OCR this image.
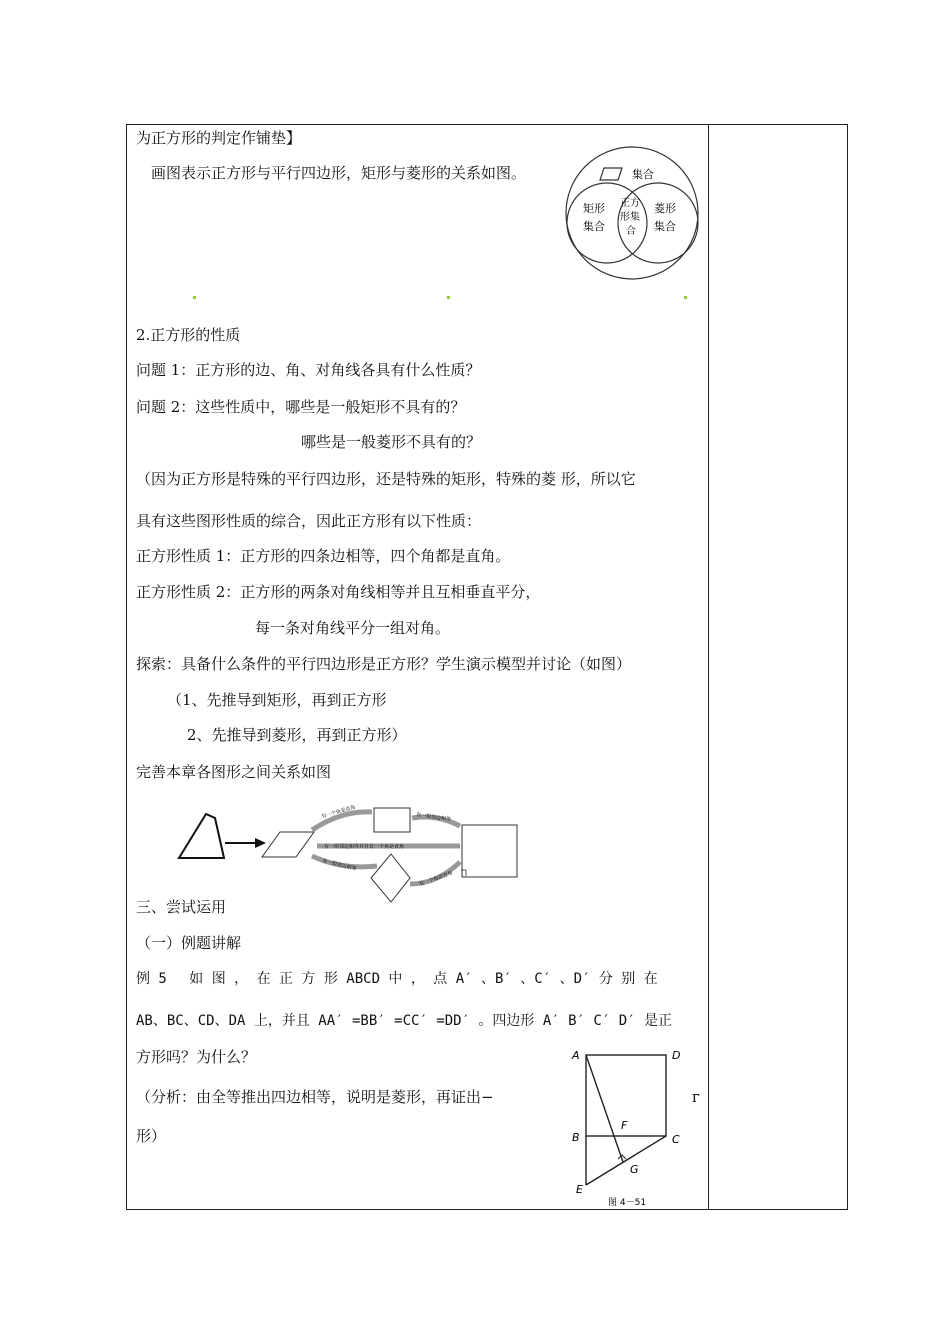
为正方形的判定作铺垫】
画图表示正方形与平行四边形，矩形与菱形的关系如图。	集合
矩形
集合
正方
形集
合
菱形
集合
2.正方形的性质
问题 1：正方形的边、角、对角线各具有什么性质？
问题 2：这些性质中，哪些是一般矩形不具有的？
哪些是一般菱形不具有的？
（因为正方形是特殊的平行四边形，还是特殊的矩形，特殊的菱 形，所以它
具有这些图形性质的综合，因此正方形有以下性质：
正方形性质 1：正方形的四条边相等，四个角都是直角。
正方形性质 2：正方形的两条对角线相等并且互相垂直平分，
每一条对角线平分一组对角。
探索：具备什么条件的平行四边形是正方形？学生演示模型并讨论（如图）
（1、先推导到矩形，再到正方形
2、先推导到菱形，再到正方形）
完善本章各图形之间关系如图
有一个角是直角	有一组邻边相等
有一组邻边相等并且有一个角是直角
有一组邻边相等
有一个角是直角
三、尝试运用
（一）例题讲解
例 5　 如 图 ， 在 正 方 形 ABCD 中 ， 点 A′ 、B′ 、C′ 、D′ 分 别 在
AB、BC、CD、DA 上，并且 AA′ =BB′ =CC′ =DD′ 。四边形 A′ B′ C′ D′ 是正
方形吗？为什么？
（分析：由全等推出四边相等，说明是菱形，再证出−	г
形）
A	D
B
F
C
G
E
图 4－51
